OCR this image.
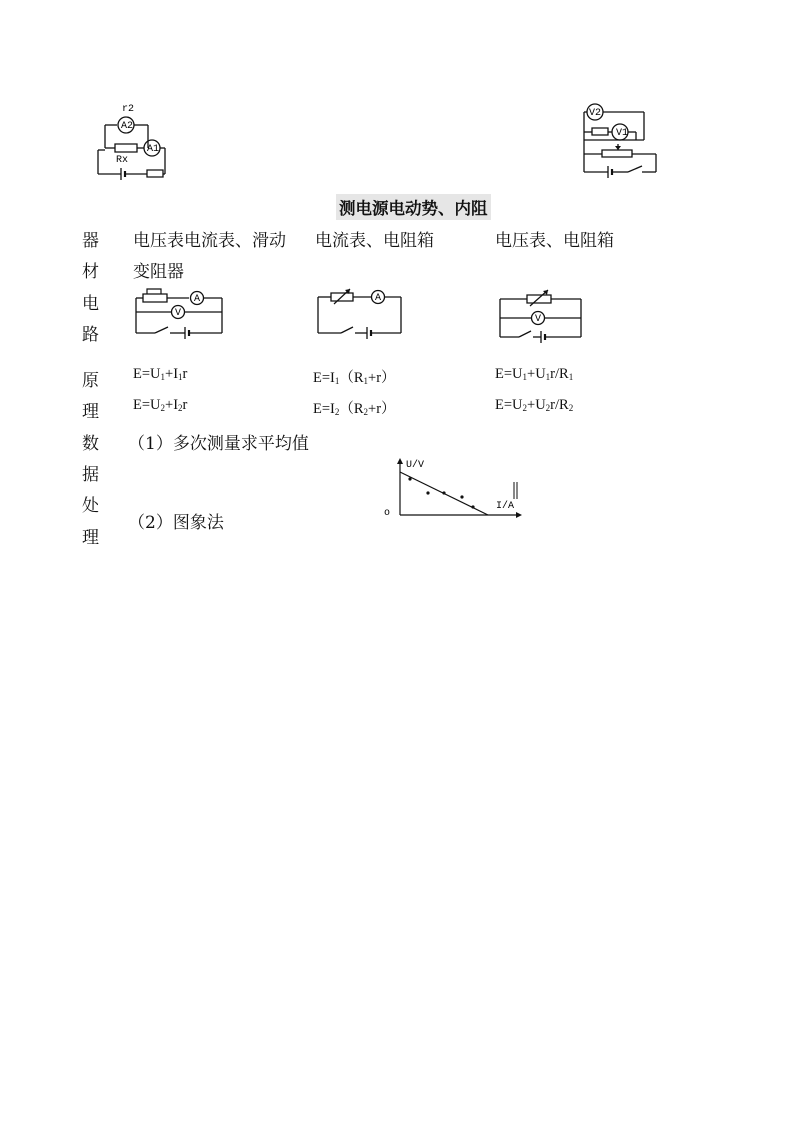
r2
A2
A1
Rx
V2
V1
测电源电动势、内阻
器
材
电
路
原
理
数
据
处
理
电压表电流表、滑动
变阻器
电流表、电阻箱	电压表、电阻箱
A
V
A
V
$E=U_1+I_1r$
$E=U_2+I_2r$
$E=I_1(R_1+r)$
$E=I_2(R_2+r)$
$E=U_1+U_1r/R_1$
$E=U_2+U_2r/R_2$
（1）多次测量求平均值
（2）图象法
U/V
I/A
o
